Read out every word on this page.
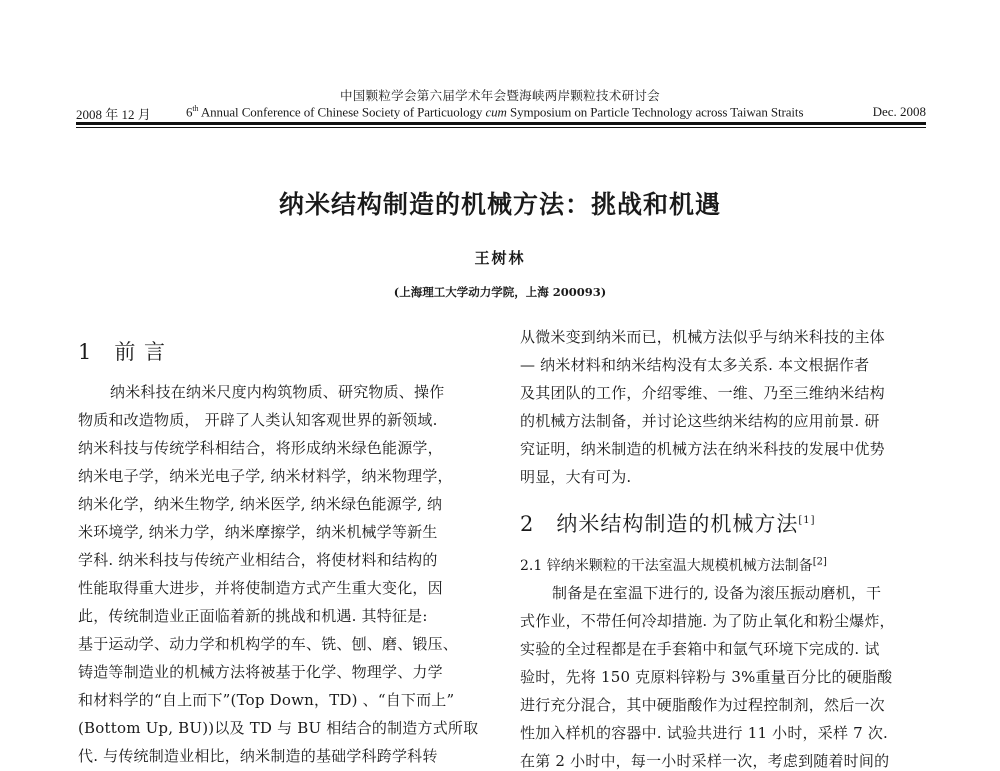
中国颗粒学会第六届学术年会暨海峡两岸颗粒技术研讨会
2008 年 12 月	6th Annual Conference of Chinese Society of Particuology cum Symposium on Particle Technology across Taiwan Straits	Dec. 2008
纳米结构制造的机械方法：挑战和机遇
王树林
(上海理工大学动力学院，上海 200093)
1　前 言
纳米科技在纳米尺度内构筑物质、研究物质、操作
物质和改造物质， 开辟了人类认知客观世界的新领域.
纳米科技与传统学科相结合，将形成纳米绿色能源学，
纳米电子学，纳米光电子学, 纳米材料学，纳米物理学，
纳米化学，纳米生物学, 纳米医学, 纳米绿色能源学, 纳
米环境学, 纳米力学，纳米摩擦学，纳米机械学等新生
学科. 纳米科技与传统产业相结合，将使材料和结构的
性能取得重大进步，并将使制造方式产生重大变化，因
此，传统制造业正面临着新的挑战和机遇. 其特征是:
基于运动学、动力学和机构学的车、铣、刨、磨、锻压、
铸造等制造业的机械方法将被基于化学、物理学、力学
和材料学的“自上而下”(Top Down，TD) 、“自下而上”
(Bottom Up, BU))以及 TD 与 BU 相结合的制造方式所取
代. 与传统制造业相比，纳米制造的基础学科跨学科转
从微米变到纳米而已，机械方法似乎与纳米科技的主体
— 纳米材料和纳米结构没有太多关系. 本文根据作者
及其团队的工作，介绍零维、一维、乃至三维纳米结构
的机械方法制备，并讨论这些纳米结构的应用前景. 研
究证明，纳米制造的机械方法在纳米科技的发展中优势
明显，大有可为.
2　纳米结构制造的机械方法[1]
2.1 锌纳米颗粒的干法室温大规模机械方法制备[2]
制备是在室温下进行的, 设备为滚压振动磨机，干
式作业，不带任何冷却措施. 为了防止氧化和粉尘爆炸，
实验的全过程都是在手套箱中和氩气环境下完成的. 试
验时，先将 150 克原料锌粉与 3%重量百分比的硬脂酸
进行充分混合，其中硬脂酸作为过程控制剂，然后一次
性加入样机的容器中. 试验共进行 11 小时，采样 7 次.
在第 2 小时中，每一小时采样一次，考虑到随着时间的
